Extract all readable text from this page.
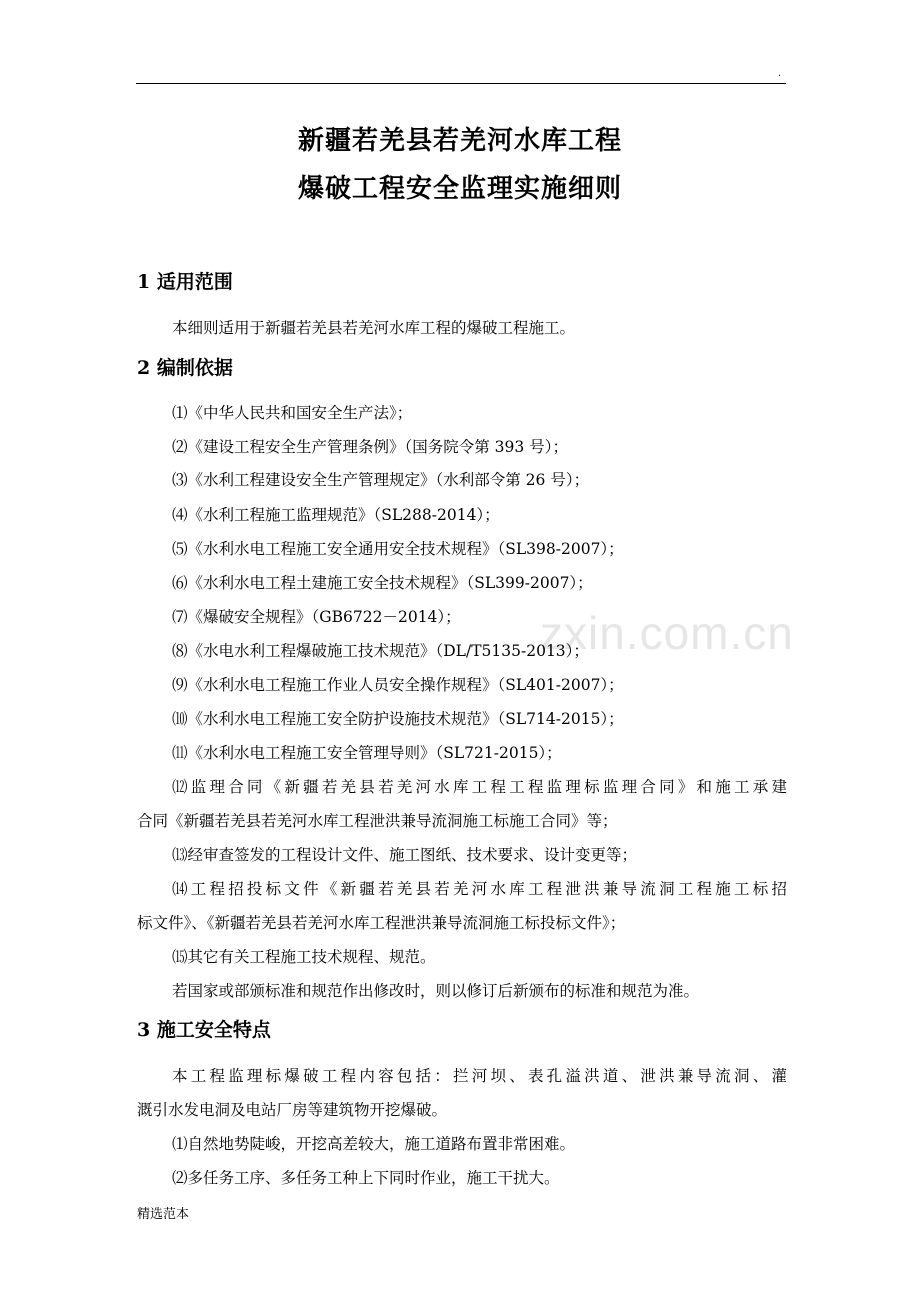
.
新疆若羌县若羌河水库工程
爆破工程安全监理实施细则
zxin.com.cn
1 适用范围
本细则适用于新疆若羌县若羌河水库工程的爆破工程施工。
2 编制依据
⑴《中华人民共和国安全生产法》；
⑵《建设工程安全生产管理条例》（国务院令第 393 号）；
⑶《水利工程建设安全生产管理规定》（水利部令第 26 号）；
⑷《水利工程施工监理规范》（SL288-2014）；
⑸《水利水电工程施工安全通用安全技术规程》（SL398-2007）；
⑹《水利水电工程土建施工安全技术规程》（SL399-2007）；
⑺《爆破安全规程》（GB6722－2014）；
⑻《水电水利工程爆破施工技术规范》（DL/T5135-2013）；
⑼《水利水电工程施工作业人员安全操作规程》（SL401-2007）；
⑽《水利水电工程施工安全防护设施技术规范》（SL714-2015）；
⑾《水利水电工程施工安全管理导则》（SL721-2015）；
⑿监理合同《新疆若羌县若羌河水库工程工程监理标监理合同》和施工承建
合同《新疆若羌县若羌河水库工程泄洪兼导流洞施工标施工合同》等；
⒀经审查签发的工程设计文件、施工图纸、技术要求、设计变更等；
⒁工程招投标文件《新疆若羌县若羌河水库工程泄洪兼导流洞工程施工标招
标文件》、《新疆若羌县若羌河水库工程泄洪兼导流洞施工标投标文件》；
⒂其它有关工程施工技术规程、规范。
若国家或部颁标准和规范作出修改时，则以修订后新颁布的标准和规范为准。
3 施工安全特点
本工程监理标爆破工程内容包括：拦河坝、表孔溢洪道、泄洪兼导流洞、灌
溉引水发电洞及电站厂房等建筑物开挖爆破。
⑴自然地势陡峻，开挖高差较大，施工道路布置非常困难。
⑵多任务工序、多任务工种上下同时作业，施工干扰大。
精选范本
